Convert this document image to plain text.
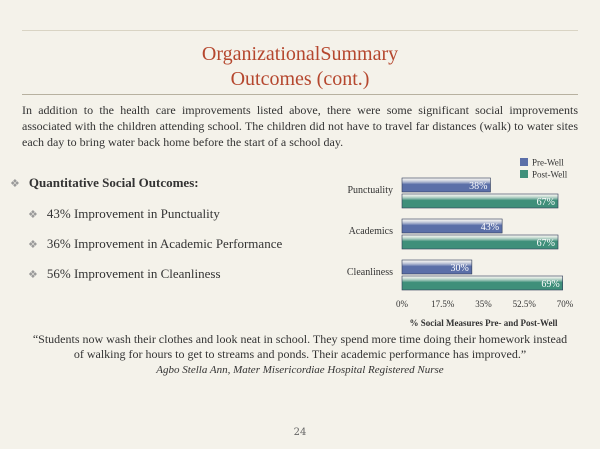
OrganizationalSummary
Outcomes (cont.)
In addition to the health care improvements listed above, there were some significant social improvements associated with the children attending school. The children did not have to travel far distances (walk) to water sites each day to bring water back home before the start of a school day.
❖ Quantitative Social Outcomes:
❖ 43% Improvement in Punctuality
❖ 36% Improvement in Academic Performance
❖ 56% Improvement in Cleanliness
Pre-Well
Post-Well
Punctuality	38%
67%
Academics	43%
67%
Cleanliness	30%
69%
0%	17.5% 35% 52.5% 70%
% Social Measures Pre- and Post-Well
“Students now wash their clothes and look neat in school. They spend more time doing their homework instead of walking for hours to get to streams and ponds. Their academic performance has improved.”
Agbo Stella Ann, Mater Misericordiae Hospital Registered Nurse
24
